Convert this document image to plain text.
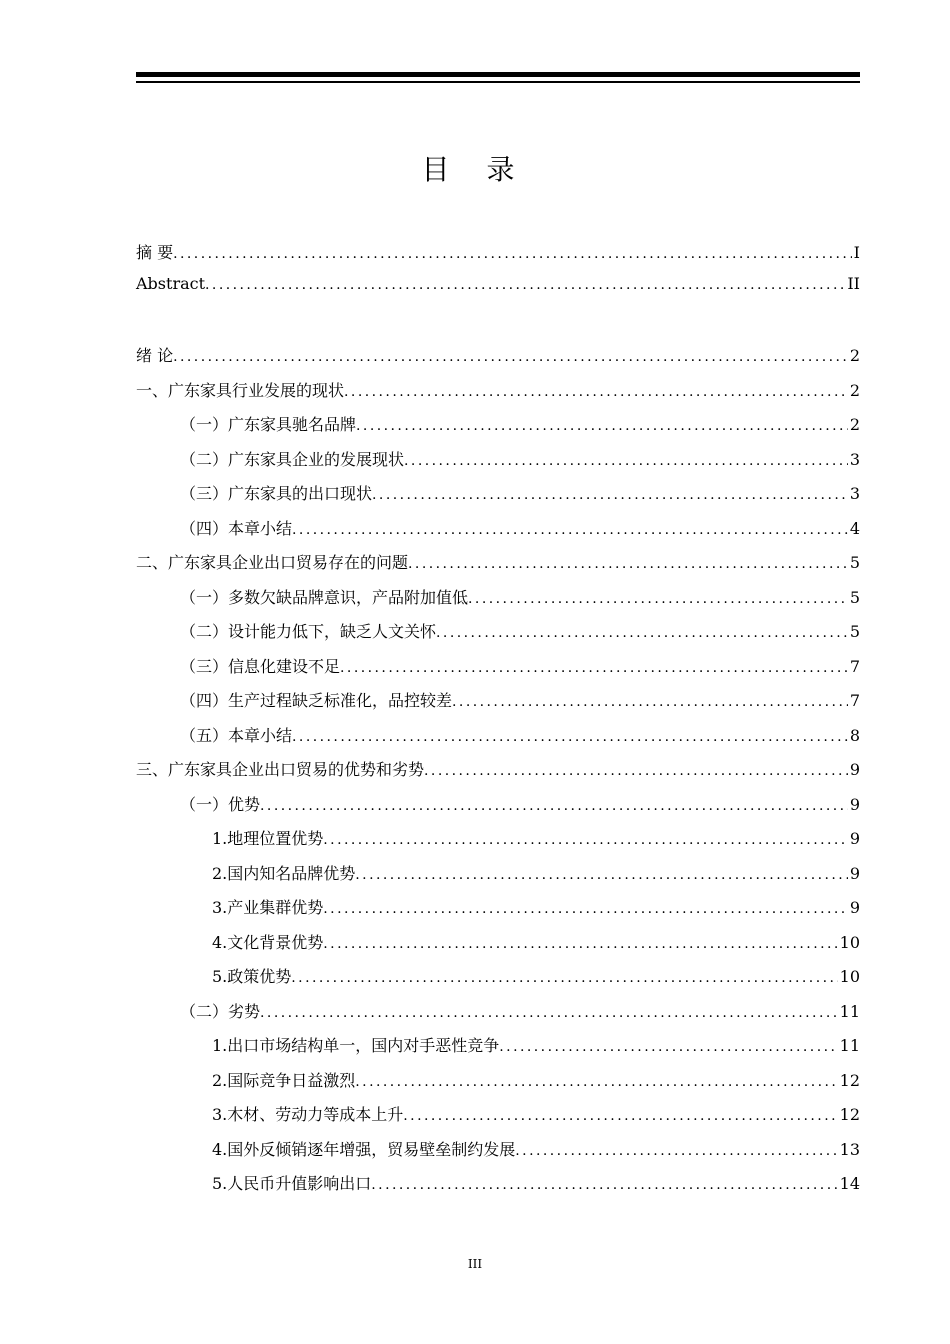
目 录
摘 要 . . .	I
Abstract . . .	II
绪 论 . . .	2
一、广东家具行业发展的现状 . . .	2
（一）广东家具驰名品牌 . . .	2
（二）广东家具企业的发展现状 . . .	3
（三）广东家具的出口现状 . . .	3
（四）本章小结 . . .	4
二、广东家具企业出口贸易存在的问题 . . .	5
（一）多数欠缺品牌意识，产品附加值低 . . .	5
（二）设计能力低下，缺乏人文关怀 . . .	5
（三）信息化建设不足 . . .	7
（四）生产过程缺乏标准化，品控较差 . . .	7
（五）本章小结 . . .	8
三、广东家具企业出口贸易的优势和劣势 . . .	9
（一）优势 . . .	9
1.地理位置优势 . . .	9
2.国内知名品牌优势 . . .	9
3.产业集群优势 . . .	9
4.文化背景优势 . . .	10
5.政策优势 . . .	10
（二）劣势 . . .	11
1.出口市场结构单一，国内对手恶性竞争 . . .	11
2.国际竞争日益激烈 . . .	12
3.木材、劳动力等成本上升 . . .	12
4.国外反倾销逐年增强，贸易壁垒制约发展 . . .	13
5.人民币升值影响出口 . . .	14
III
